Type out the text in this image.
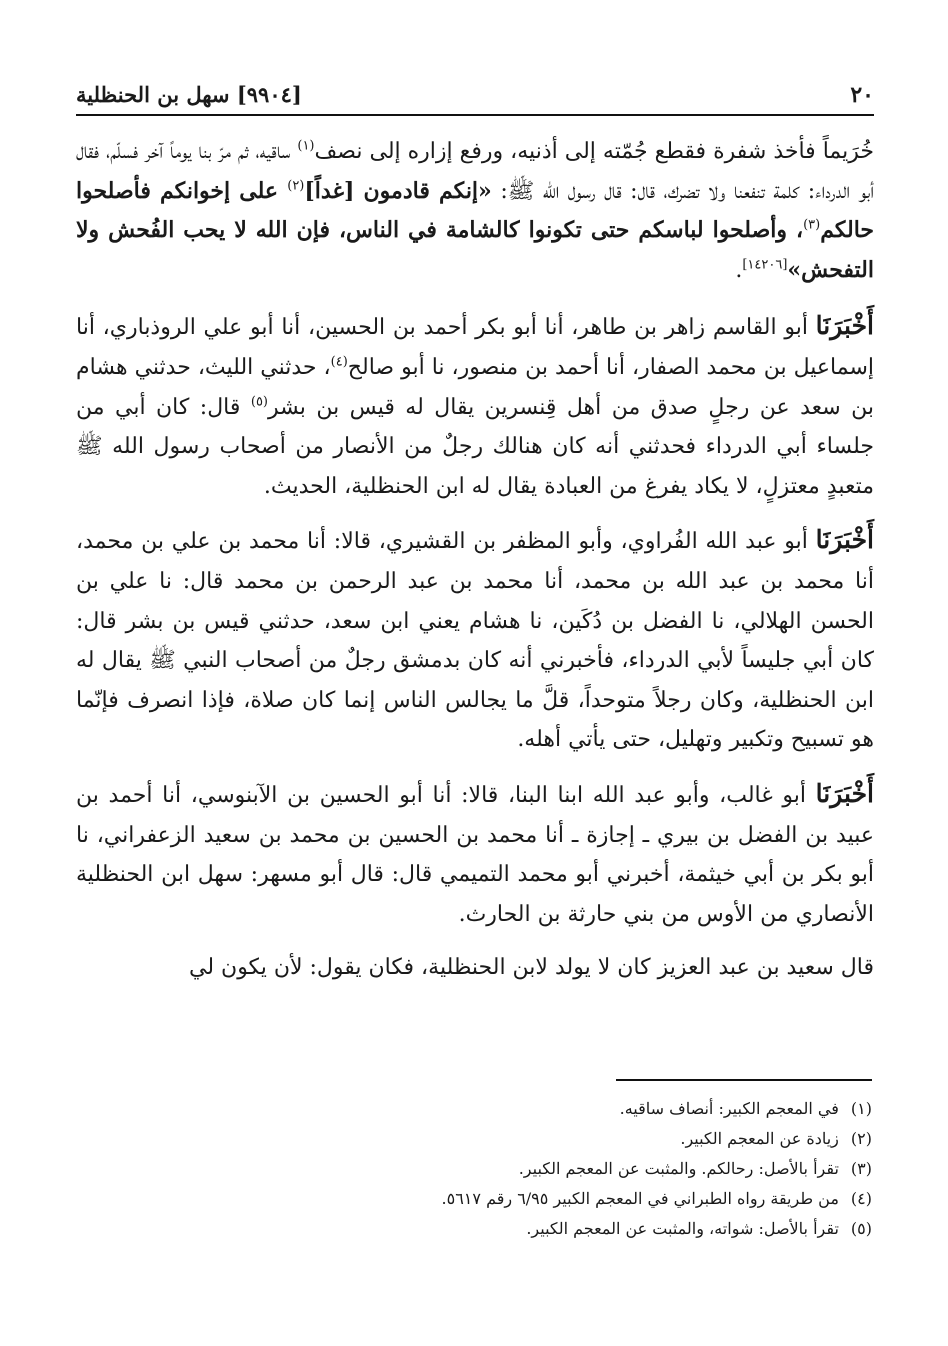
٢٠
[٩٩٠٤] سهل بن الحنظلية

خُرَيماً فأخذ شفرة فقطع جُمّته إلى أذنيه، ورفع إزاره إلى نصف$^{(١)}$ ساقيه، ثم مرّ بنا يوماً آخر فسلّم، فقال أبو الدرداء: كلمة تنفعنا ولا تضرك، قال: قال رسول الله ﷺ: «إنكم قادمون [غداً]$^{(٢)}$ على إخوانكم فأصلحوا حالكم$^{(٣)}$، وأصلحوا لباسكم حتى تكونوا كالشامة في الناس، فإن الله لا يحب الفُحش ولا التفحش»[١٤٢٠٦].

أَخْبَرَنَا أبو القاسم زاهر بن طاهر، أنا أبو بكر أحمد بن الحسين، أنا أبو علي الروذباري، أنا إسماعيل بن محمد الصفار، أنا أحمد بن منصور، نا أبو صالح$^{(٤)}$، حدثني الليث، حدثني هشام بن سعد عن رجلٍ صدق من أهل قِنسرين يقال له قيس بن بشر$^{(٥)}$ قال: كان أبي من جلساء أبي الدرداء فحدثني أنه كان هنالك رجلٌ من الأنصار من أصحاب رسول الله ﷺ متعبدٍ معتزلٍ، لا يكاد يفرغ من العبادة يقال له ابن الحنظلية، الحديث.

أَخْبَرَنَا أبو عبد الله الفُراوي، وأبو المظفر بن القشيري، قالا: أنا محمد بن علي بن محمد، أنا محمد بن عبد الله بن محمد، أنا محمد بن عبد الرحمن بن محمد قال: نا علي بن الحسن الهلالي، نا الفضل بن دُكَين، نا هشام يعني ابن سعد، حدثني قيس بن بشر قال: كان أبي جليساً لأبي الدرداء، فأخبرني أنه كان بدمشق رجلٌ من أصحاب النبي ﷺ يقال له ابن الحنظلية، وكان رجلاً متوحداً، قلَّ ما يجالس الناس إنما كان صلاة، فإذا انصرف فإنّما هو تسبيح وتكبير وتهليل، حتى يأتي أهله.

أَخْبَرَنَا أبو غالب، وأبو عبد الله ابنا البنا، قالا: أنا أبو الحسين بن الآبنوسي، أنا أحمد بن عبيد بن الفضل بن بيري ـ إجازة ـ أنا محمد بن الحسين بن محمد بن سعيد الزعفراني، نا أبو بكر بن أبي خيثمة، أخبرني أبو محمد التميمي قال: قال أبو مسهر: سهل ابن الحنظلية الأنصاري من الأوس من بني حارثة بن الحارث.

قال سعيد بن عبد العزيز كان لا يولد لابن الحنظلية، فكان يقول: لأن يكون لي

(١)في المعجم الكبير: أنصاف ساقيه.
(٢)زيادة عن المعجم الكبير.
(٣)تقرأ بالأصل: رحالكم. والمثبت عن المعجم الكبير.
(٤)من طريقة رواه الطبراني في المعجم الكبير ٦/٩٥ رقم ٥٦١٧.
(٥)تقرأ بالأصل: شواته، والمثبت عن المعجم الكبير.
